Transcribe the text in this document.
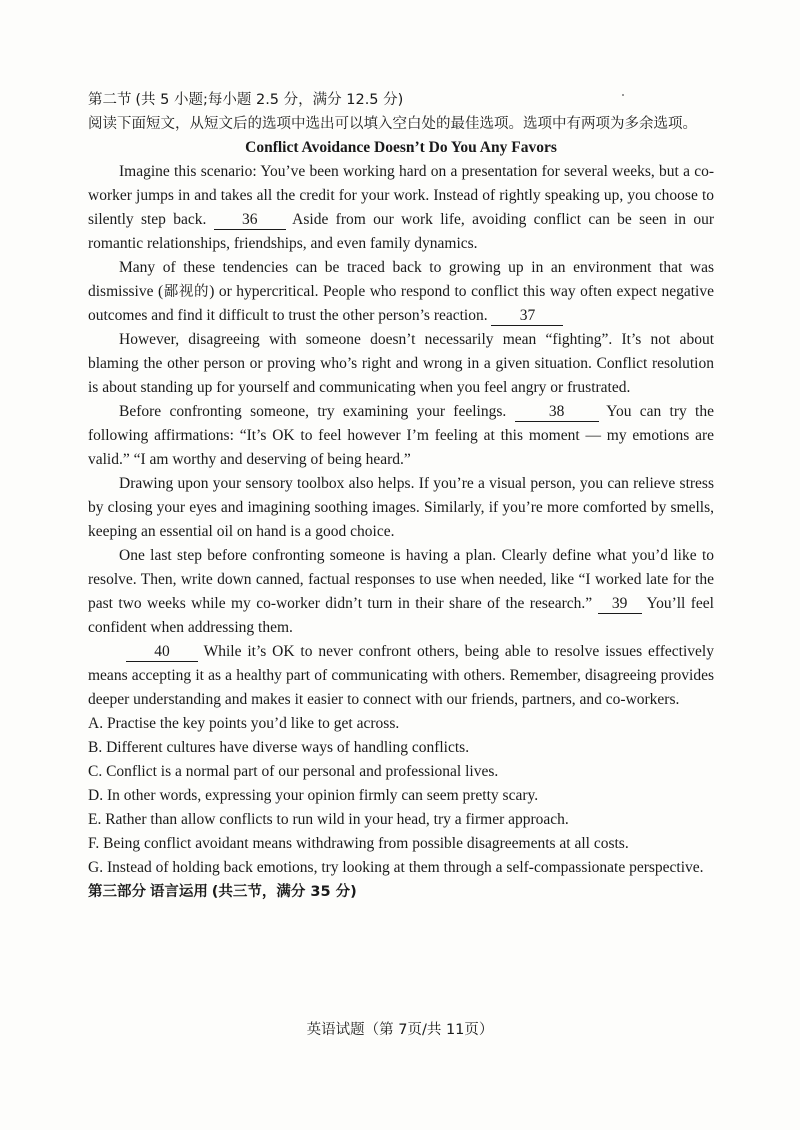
第二节 (共 5 小题;每小题 2.5 分，满分 12.5 分)

阅读下面短文，从短文后的选项中选出可以填入空白处的最佳选项。选项中有两项为多余选项。

Conflict Avoidance Doesn’t Do You Any Favors

Imagine this scenario: You’ve been working hard on a presentation for several weeks, but a co-worker jumps in and takes all the credit for your work. Instead of rightly speaking up, you choose to silently step back. 36 Aside from our work life, avoiding conflict can be seen in our romantic relationships, friendships, and even family dynamics.

Many of these tendencies can be traced back to growing up in an environment that was dismissive (鄙视的) or hypercritical. People who respond to conflict this way often expect negative outcomes and find it difficult to trust the other person’s reaction. 37

However, disagreeing with someone doesn’t necessarily mean “fighting”. It’s not about blaming the other person or proving who’s right and wrong in a given situation. Conflict resolution is about standing up for yourself and communicating when you feel angry or frustrated.

Before confronting someone, try examining your feelings.	38	You can try the following affirmations: “It’s OK to feel however I’m feeling at this moment — my emotions are valid.” “I am worthy and deserving of being heard.”

Drawing upon your sensory toolbox also helps. If you’re a visual person, you can relieve stress by closing your eyes and imagining soothing images. Similarly, if you’re more comforted by smells, keeping an essential oil on hand is a good choice.

One last step before confronting someone is having a plan. Clearly define what you’d like to resolve. Then, write down canned, factual responses to use when needed, like “I worked late for the past two weeks while my co-worker didn’t turn in their share of the research.” 39 You’ll feel confident when addressing them.

40 While it’s OK to never confront others, being able to resolve issues effectively means accepting it as a healthy part of communicating with others. Remember, disagreeing provides deeper understanding and makes it easier to connect with our friends, partners, and co-workers.

A. Practise the key points you’d like to get across.

B. Different cultures have diverse ways of handling conflicts.

C. Conflict is a normal part of our personal and professional lives.

D. In other words, expressing your opinion firmly can seem pretty scary.

E. Rather than allow conflicts to run wild in your head, try a firmer approach.

F. Being conflict avoidant means withdrawing from possible disagreements at all costs.

G. Instead of holding back emotions, try looking at them through a self-compassionate perspective.

第三部分 语言运用 (共三节，满分 35 分)

英语试题（第 7页/共 11页）
